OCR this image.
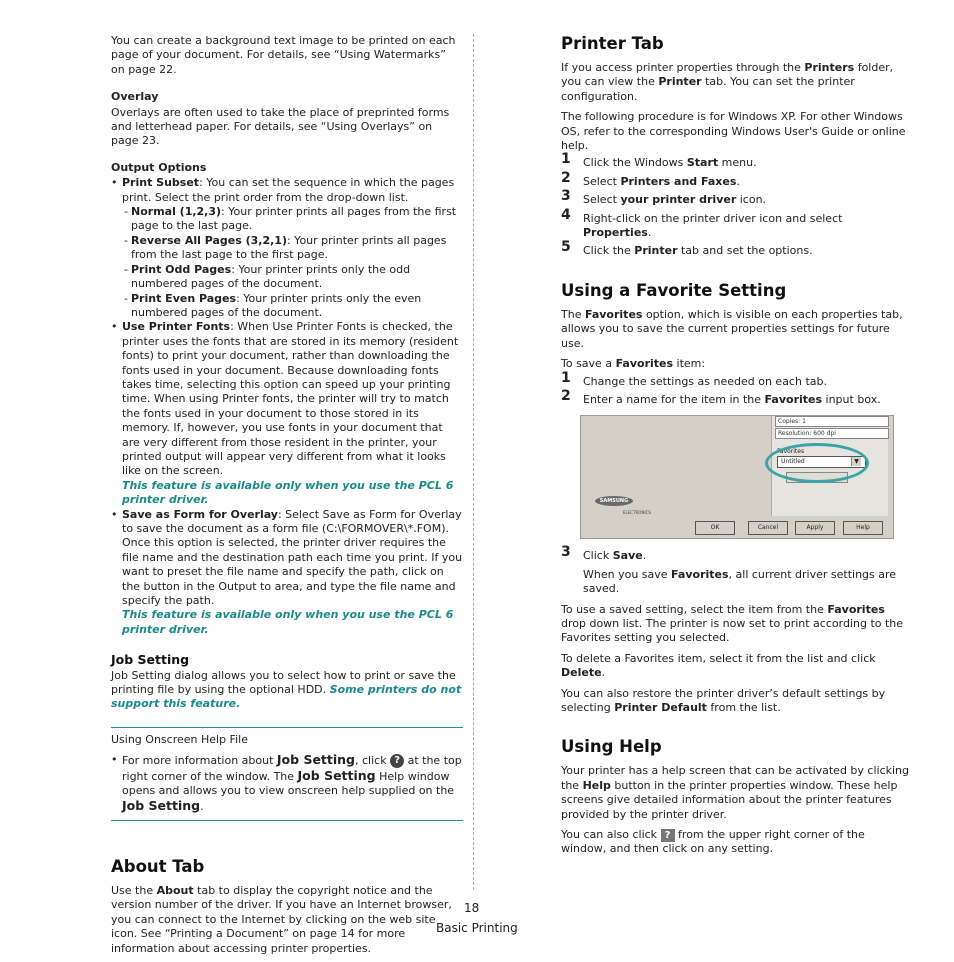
You can create a background text image to be printed on each page of your document. For details, see “Using Watermarks” on page 22.

Overlay

Overlays are often used to take the place of preprinted forms and letterhead paper. For details, see “Using Overlays” on page 23.

Output Options
• Print Subset: You can set the sequence in which the pages print. Select the print order from the drop-down list.
- Normal (1,2,3): Your printer prints all pages from the first page to the last page.
- Reverse All Pages (3,2,1): Your printer prints all pages from the last page to the first page.
- Print Odd Pages: Your printer prints only the odd numbered pages of the document.
- Print Even Pages: Your printer prints only the even numbered pages of the document.
• Use Printer Fonts: When Use Printer Fonts is checked, the printer uses the fonts that are stored in its memory (resident fonts) to print your document, rather than downloading the fonts used in your document. Because downloading fonts takes time, selecting this option can speed up your printing time. When using Printer fonts, the printer will try to match the fonts used in your document to those stored in its memory. If, however, you use fonts in your document that are very different from those resident in the printer, your printed output will appear very different from what it looks like on the screen.

This feature is available only when you use the PCL 6 printer driver.

• Save as Form for Overlay: Select Save as Form for Overlay to save the document as a form file (C:\FORMOVER\*.FOM). Once this option is selected, the printer driver requires the file name and the destination path each time you print. If you want to preset the file name and specify the path, click on the button in the Output to area, and type the file name and specify the path.

This feature is available only when you use the PCL 6 printer driver.

Job Setting

Job Setting dialog allows you to select how to print or save the printing file by using the optional HDD. Some printers do not support this feature.

Using Onscreen Help File

• For more information about Job Setting, click ? at the top right corner of the window. The Job Setting Help window opens and allows you to view onscreen help supplied on the Job Setting.
About Tab

Use the About tab to display the copyright notice and the version number of the driver. If you have an Internet browser, you can connect to the Internet by clicking on the web site icon. See “Printing a Document” on page 14 for more information about accessing printer properties.

Printer Tab

If you access printer properties through the Printers folder, you can view the Printer tab. You can set the printer configuration.

The following procedure is for Windows XP. For other Windows OS, refer to the corresponding Windows User's Guide or online help.

1 Click the Windows Start menu.
2 Select Printers and Faxes.
3 Select your printer driver icon.
4 Right-click on the printer driver icon and select Properties.
5 Click the Printer tab and set the options.
Using a Favorite Setting

The Favorites option, which is visible on each properties tab, allows you to save the current properties settings for future use.

To save a Favorites item:

1 Change the settings as needed on each tab.
2 Enter a name for the item in the Favorites input box.
Copies: 1
Resolution: 600 dpi
Favorites
Untitled	▼
SAMSUNG
ELECTRONICS
OK	Cancel	Apply	Help
3 Click Save.

When you save Favorites, all current driver settings are saved.

To use a saved setting, select the item from the Favorites drop down list. The printer is now set to print according to the Favorites setting you selected.

To delete a Favorites item, select it from the list and click Delete.

You can also restore the printer driver’s default settings by selecting Printer Default from the list.

Using Help

Your printer has a help screen that can be activated by clicking the Help button in the printer properties window. These help screens give detailed information about the printer features provided by the printer driver.

You can also click ? from the upper right corner of the window, and then click on any setting.

18
Basic Printing
